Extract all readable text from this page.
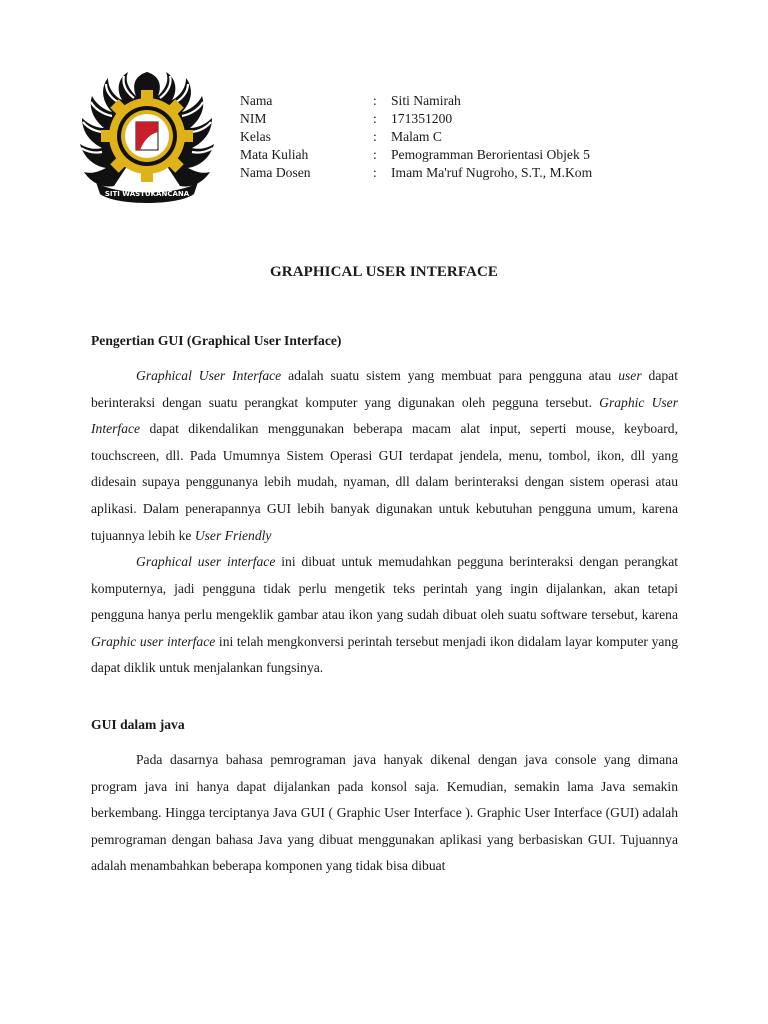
SITI WASTUKANCANA
Nama	:	Siti Namirah
NIM	:	171351200
Kelas	:	Malam C
Mata Kuliah	:	Pemogramman Berorientasi Objek 5
Nama Dosen	:	Imam Ma'ruf Nugroho, S.T., M.Kom
GRAPHICAL USER INTERFACE
Pengertian GUI (Graphical User Interface)

Graphical User Interface adalah suatu sistem yang membuat para pengguna atau user dapat berinteraksi dengan suatu perangkat komputer yang digunakan oleh pegguna tersebut. Graphic User Interface dapat dikendalikan menggunakan beberapa macam alat input, seperti mouse, keyboard, touchscreen, dll. Pada Umumnya Sistem Operasi GUI terdapat jendela, menu, tombol, ikon, dll yang didesain supaya penggunanya lebih mudah, nyaman, dll dalam berinteraksi dengan sistem operasi atau aplikasi. Dalam penerapannya GUI lebih banyak digunakan untuk kebutuhan pengguna umum, karena tujuannya lebih ke User Friendly

Graphical user interface ini dibuat untuk memudahkan pegguna berinteraksi dengan perangkat komputernya, jadi pengguna tidak perlu mengetik teks perintah yang ingin dijalankan, akan tetapi pengguna hanya perlu mengeklik gambar atau ikon yang sudah dibuat oleh suatu software tersebut, karena Graphic user interface ini telah mengkonversi perintah tersebut menjadi ikon didalam layar komputer yang dapat diklik untuk menjalankan fungsinya.

GUI dalam java

Pada dasarnya bahasa pemrograman java hanyak dikenal dengan java console yang dimana program java ini hanya dapat dijalankan pada konsol saja. Kemudian, semakin lama Java semakin berkembang. Hingga terciptanya Java GUI ( Graphic User Interface ). Graphic User Interface (GUI) adalah pemrograman dengan bahasa Java yang dibuat menggunakan aplikasi yang berbasiskan GUI. Tujuannya adalah menambahkan beberapa komponen yang tidak bisa dibuat
